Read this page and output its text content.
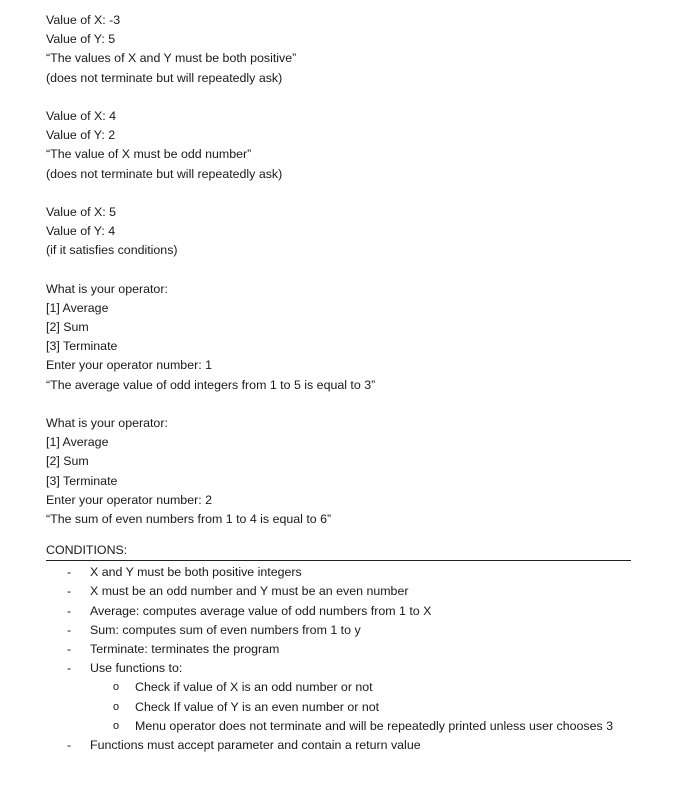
Value of X: -3
Value of Y: 5
“The values of X and Y must be both positive”
(does not terminate but will repeatedly ask)
Value of X: 4
Value of Y: 2
“The value of X must be odd number”
(does not terminate but will repeatedly ask)
Value of X: 5
Value of Y: 4
(if it satisfies conditions)
What is your operator:
[1] Average
[2] Sum
[3] Terminate
Enter your operator number: 1
“The average value of odd integers from 1 to 5 is equal to 3”
What is your operator:
[1] Average
[2] Sum
[3] Terminate
Enter your operator number: 2
“The sum of even numbers from 1 to 4 is equal to 6”
CONDITIONS:
- X and Y must be both positive integers
- X must be an odd number and Y must be an even number
- Average: computes average value of odd numbers from 1 to X
- Sum: computes sum of even numbers from 1 to y
- Terminate: terminates the program
- Use functions to:
o Check if value of X is an odd number or not
o Check If value of Y is an even number or not
o Menu operator does not terminate and will be repeatedly printed unless user chooses 3
- Functions must accept parameter and contain a return value
